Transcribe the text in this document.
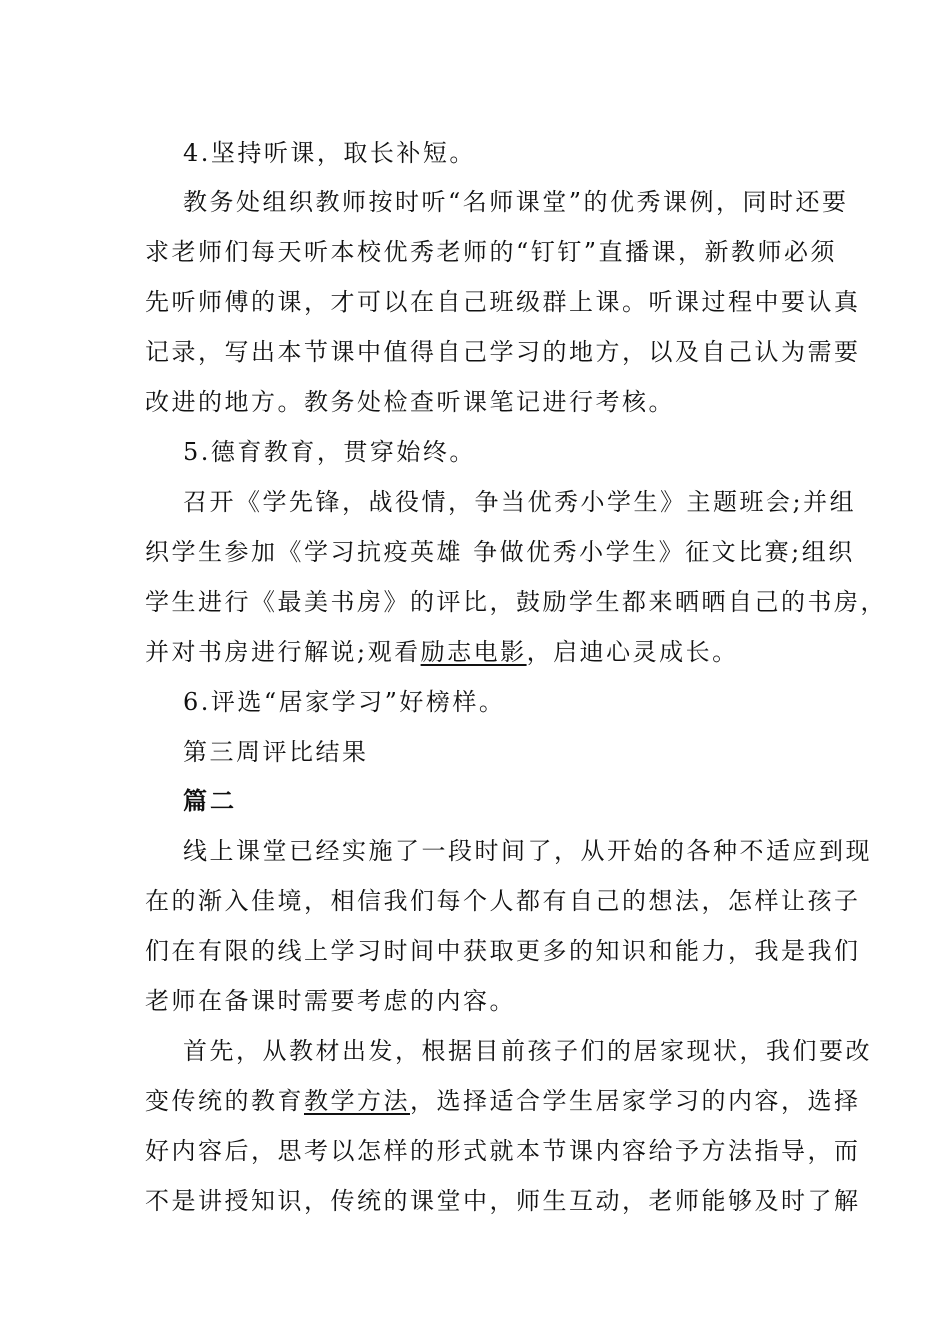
4.坚持听课，取长补短。
教务处组织教师按时听“名师课堂”的优秀课例，同时还要
求老师们每天听本校优秀老师的“钉钉”直播课，新教师必须
先听师傅的课，才可以在自己班级群上课。听课过程中要认真
记录，写出本节课中值得自己学习的地方，以及自己认为需要
改进的地方。教务处检查听课笔记进行考核。
5.德育教育，贯穿始终。
召开《学先锋，战役情，争当优秀小学生》主题班会;并组
织学生参加《学习抗疫英雄 争做优秀小学生》征文比赛;组织
学生进行《最美书房》的评比，鼓励学生都来晒晒自己的书房，
并对书房进行解说;观看励志电影，启迪心灵成长。
6.评选“居家学习”好榜样。
第三周评比结果
篇二
线上课堂已经实施了一段时间了，从开始的各种不适应到现
在的渐入佳境，相信我们每个人都有自己的想法，怎样让孩子
们在有限的线上学习时间中获取更多的知识和能力，我是我们
老师在备课时需要考虑的内容。
首先，从教材出发，根据目前孩子们的居家现状，我们要改
变传统的教育教学方法，选择适合学生居家学习的内容，选择
好内容后，思考以怎样的形式就本节课内容给予方法指导，而
不是讲授知识，传统的课堂中，师生互动，老师能够及时了解
